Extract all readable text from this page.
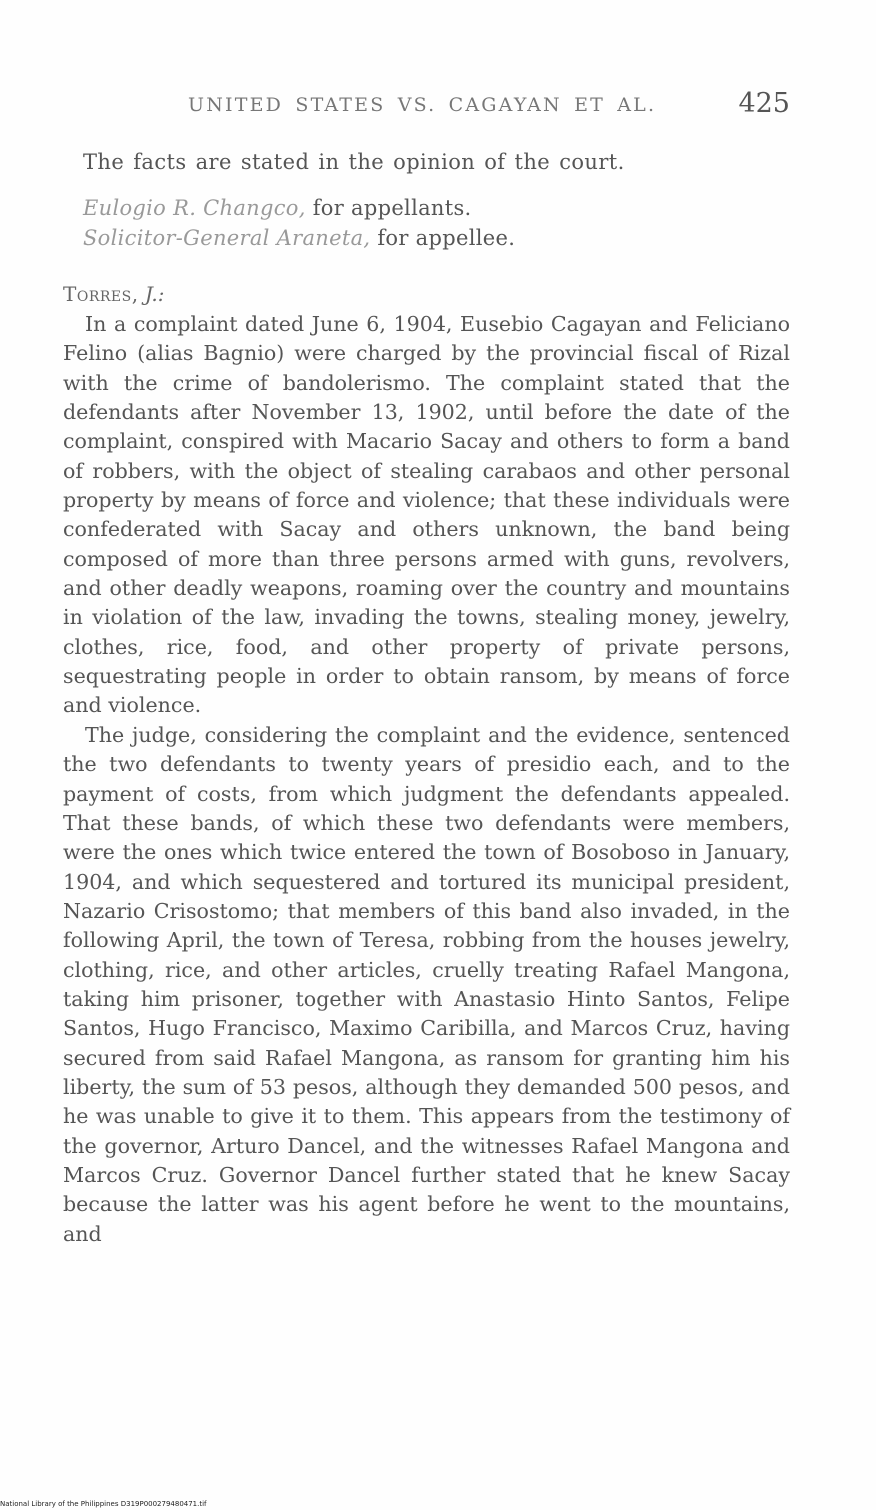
UNITED STATES VS. CAGAYAN ET AL.	425
The facts are stated in the opinion of the court.
Eulogio R. Changco, for appellants.
Solicitor-General Araneta, for appellee.
Torres, J.:

In a complaint dated June 6, 1904, Eusebio Cagayan and Feliciano Felino (alias Bagnio) were charged by the provincial fiscal of Rizal with the crime of bandolerismo. The complaint stated that the defendants after November 13, 1902, until before the date of the complaint, conspired with Macario Sacay and others to form a band of robbers, with the object of stealing carabaos and other personal property by means of force and violence; that these individuals were confederated with Sacay and others unknown, the band being composed of more than three persons armed with guns, revolvers, and other deadly weapons, roaming over the country and mountains in violation of the law, invading the towns, stealing money, jewelry, clothes, rice, food, and other property of private persons, sequestrating people in order to obtain ransom, by means of force and violence.

The judge, considering the complaint and the evidence, sentenced the two defendants to twenty years of presidio each, and to the payment of costs, from which judgment the defendants appealed. That these bands, of which these two defendants were members, were the ones which twice entered the town of Bosoboso in January, 1904, and which sequestered and tortured its municipal president, Nazario Crisostomo; that members of this band also invaded, in the following April, the town of Teresa, robbing from the houses jewelry, clothing, rice, and other articles, cruelly treating Rafael Mangona, taking him prisoner, together with Anastasio Hinto Santos, Felipe Santos, Hugo Francisco, Maximo Caribilla, and Marcos Cruz, having secured from said Rafael Mangona, as ransom for granting him his liberty, the sum of 53 pesos, although they demanded 500 pesos, and he was unable to give it to them. This appears from the testimony of the governor, Arturo Dancel, and the witnesses Rafael Mangona and Marcos Cruz. Governor Dancel further stated that he knew Sacay because the latter was his agent before he went to the mountains, and

National Library of the Philippines D319P000279480471.tif
